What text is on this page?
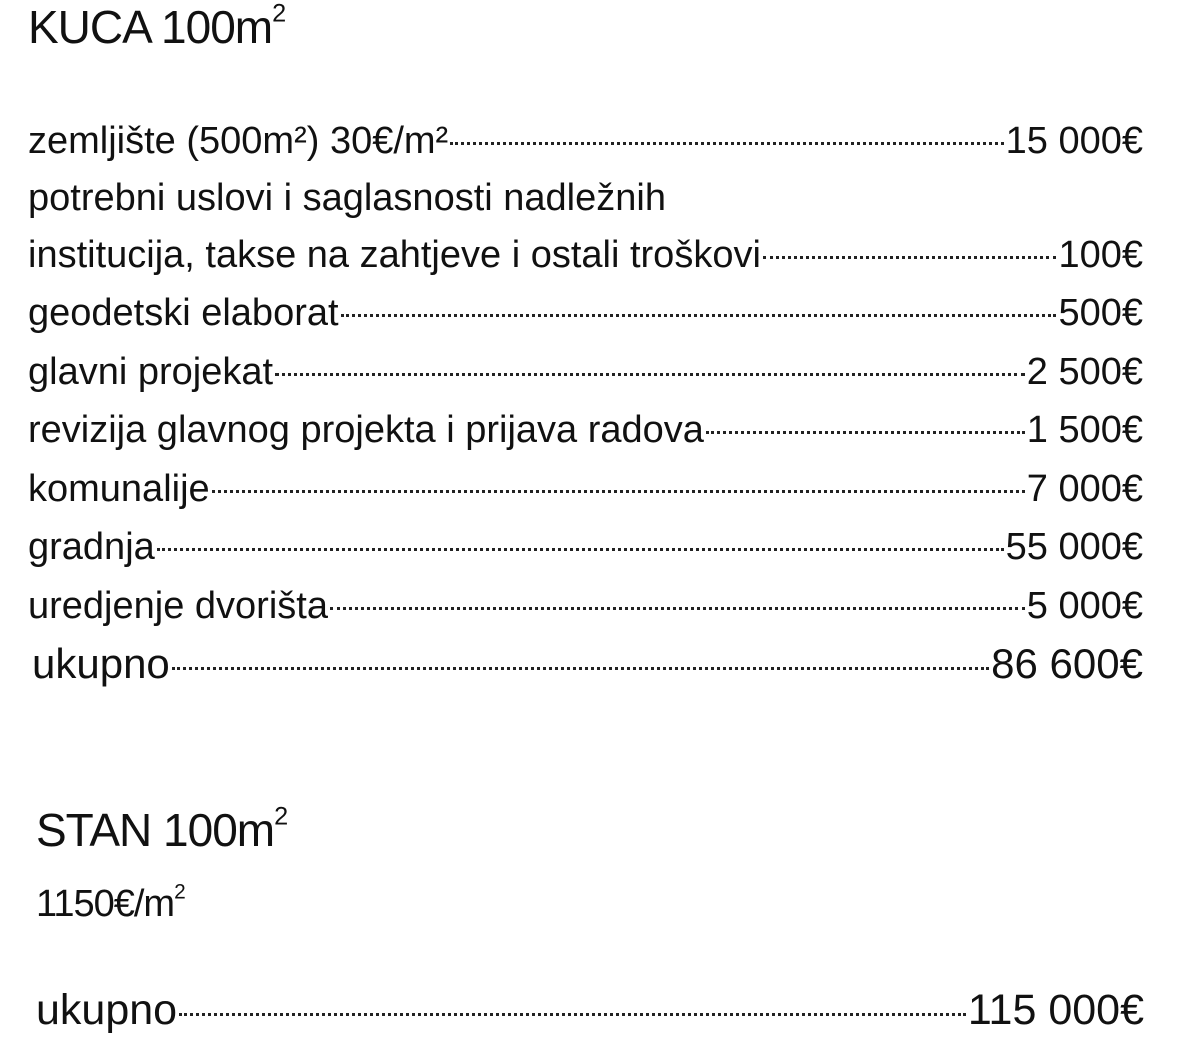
KUCA $100m^2$
zemljište (500m²) 30€/m²	15 000€
potrebni uslovi i saglasnosti nadležnih
institucija, takse na zahtjeve i ostali troškovi	100€
geodetski elaborat	500€
glavni projekat	2 500€
revizija glavnog projekta i prijava radova	1 500€
komunalije	7 000€
gradnja	55 000€
uredjenje dvorišta	5 000€
ukupno	86 600€
STAN $100m^2$
$1150€/m^2$
ukupno	115 000€
